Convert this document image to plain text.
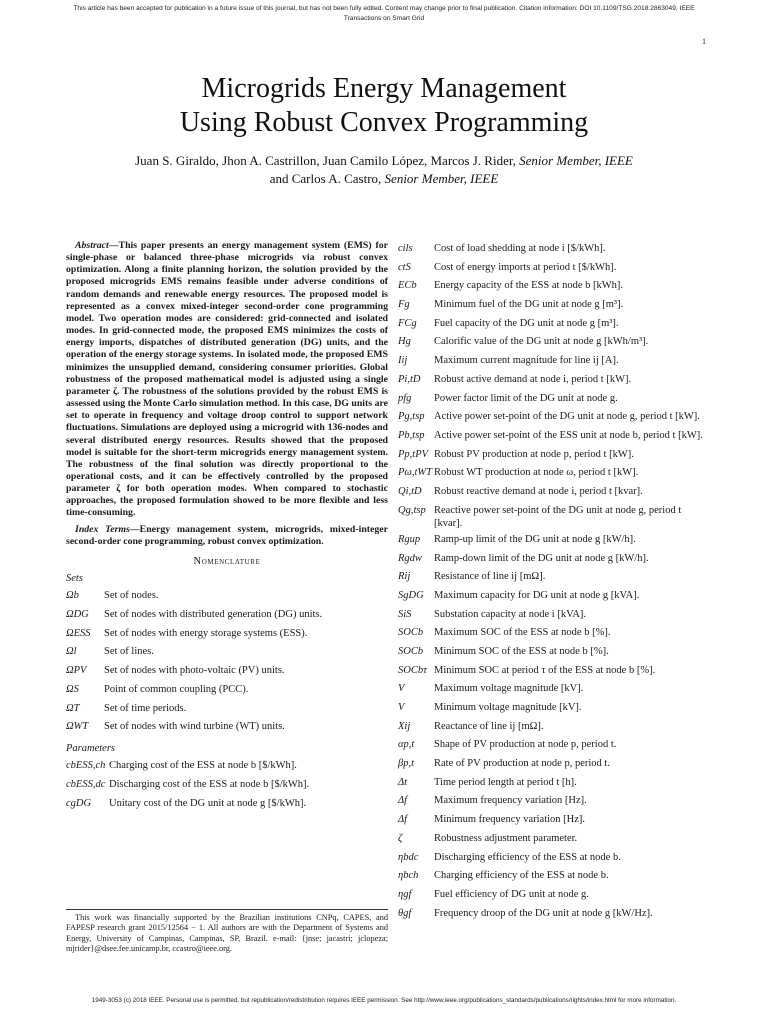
This article has been accepted for publication in a future issue of this journal, but has not been fully edited. Content may change prior to final publication. Citation information: DOI 10.1109/TSG.2018.2863049, IEEE
Transactions on Smart Grid
1
Microgrids Energy Management
Using Robust Convex Programming
Juan S. Giraldo, Jhon A. Castrillon, Juan Camilo López, Marcos J. Rider, Senior Member, IEEE
and Carlos A. Castro, Senior Member, IEEE

Abstract—This paper presents an energy management system (EMS) for single-phase or balanced three-phase microgrids via robust convex optimization. Along a finite planning horizon, the solution provided by the proposed microgrids EMS remains feasible under adverse conditions of random demands and renewable energy resources. The proposed model is represented as a convex mixed-integer second-order cone programming model. Two operation modes are considered: grid-connected and isolated modes. In grid-connected mode, the proposed EMS minimizes the costs of energy imports, dispatches of distributed generation (DG) units, and the operation of the energy storage systems. In isolated mode, the proposed EMS minimizes the unsupplied demand, considering consumer priorities. Global robustness of the proposed mathematical model is adjusted using a single parameter ζ. The robustness of the solutions provided by the robust EMS is assessed using the Monte Carlo simulation method. In this case, DG units are set to operate in frequency and voltage droop control to support network fluctuations. Simulations are deployed using a microgrid with 136-nodes and several distributed energy resources. Results showed that the proposed model is suitable for the short-term microgrids energy management system. The robustness of the final solution was directly proportional to the operational costs, and it can be effectively controlled by the proposed parameter ζ for both operation modes. When compared to stochastic approaches, the proposed formulation showed to be more flexible and less time-consuming.

Index Terms—Energy management system, microgrids, mixed-integer second-order cone programming, robust convex optimization.
Nomenclature
Sets
Ωb	Set of nodes.
ΩDG	Set of nodes with distributed generation (DG) units.
ΩESS	Set of nodes with energy storage systems (ESS).
Ωl	Set of lines.
ΩPV	Set of nodes with photo-voltaic (PV) units.
ΩS	Point of common coupling (PCC).
ΩT	Set of time periods.
ΩWT	Set of nodes with wind turbine (WT) units.
Parameters
cbESS,ch Charging cost of the ESS at node b [$/kWh].
cbESS,dc Discharging cost of the ESS at node b [$/kWh].
cgDG	Unitary cost of the DG unit at node g [$/kWh].
This work was financially supported by the Brazilian institutions CNPq, CAPES, and FAPESP research grant 2015/12564 − 1. All authors are with the Department of Systems and Energy, University of Campinas, Campinas, SP, Brazil. e-mail: {jnse; jacastri; jclopeza; mjrider}@dsee.fee.unicamp.br, ccastro@ieee.org.
cils	Cost of load shedding at node i [$/kWh].
ctS	Cost of energy imports at period t [$/kWh].
ECb	Energy capacity of the ESS at node b [kWh].
Fg	Minimum fuel of the DG unit at node g [m³].
FCg	Fuel capacity of the DG unit at node g [m³].
Hg	Calorific value of the DG unit at node g [kWh/m³].
Iij	Maximum current magnitude for line ij [A].
Pi,tD	Robust active demand at node i, period t [kW].
pfg	Power factor limit of the DG unit at node g.
Pg,tsp Active power set-point of the DG unit at node g, period t [kW].
Pb,tsp Active power set-point of the ESS unit at node b, period t [kW].
Pp,tPV Robust PV production at node p, period t [kW].
Pω,tWT Robust WT production at node ω, period t [kW].
Qi,tD	Robust reactive demand at node i, period t [kvar].
Qg,tsp Reactive power set-point of the DG unit at node g, period t [kvar].
Rgup	Ramp-up limit of the DG unit at node g [kW/h].
Rgdw	Ramp-down limit of the DG unit at node g [kW/h].
Rij	Resistance of line ij [mΩ].
SgDG Maximum capacity for DG unit at node g [kVA].
SiS	Substation capacity at node i [kVA].
SOCb	Maximum SOC of the ESS at node b [%].
SOCb	Minimum SOC of the ESS at node b [%].
SOCbτ Minimum SOC at period τ of the ESS at node b [%].
V	Maximum voltage magnitude [kV].
V	Minimum voltage magnitude [kV].
Xij	Reactance of line ij [mΩ].
αp,t	Shape of PV production at node p, period t.
βp,t	Rate of PV production at node p, period t.
Δt	Time period length at period t [h].
Δf	Maximum frequency variation [Hz].
Δf	Minimum frequency variation [Hz].
ζ	Robustness adjustment parameter.
ηbdc	Discharging efficiency of the ESS at node b.
ηbch	Charging efficiency of the ESS at node b.
ηgf	Fuel efficiency of DG unit at node g.
θgf	Frequency droop of the DG unit at node g [kW/Hz].
1949-3053 (c) 2018 IEEE. Personal use is permitted, but republication/redistribution requires IEEE permission. See http://www.ieee.org/publications_standards/publications/rights/index.html for more information.
